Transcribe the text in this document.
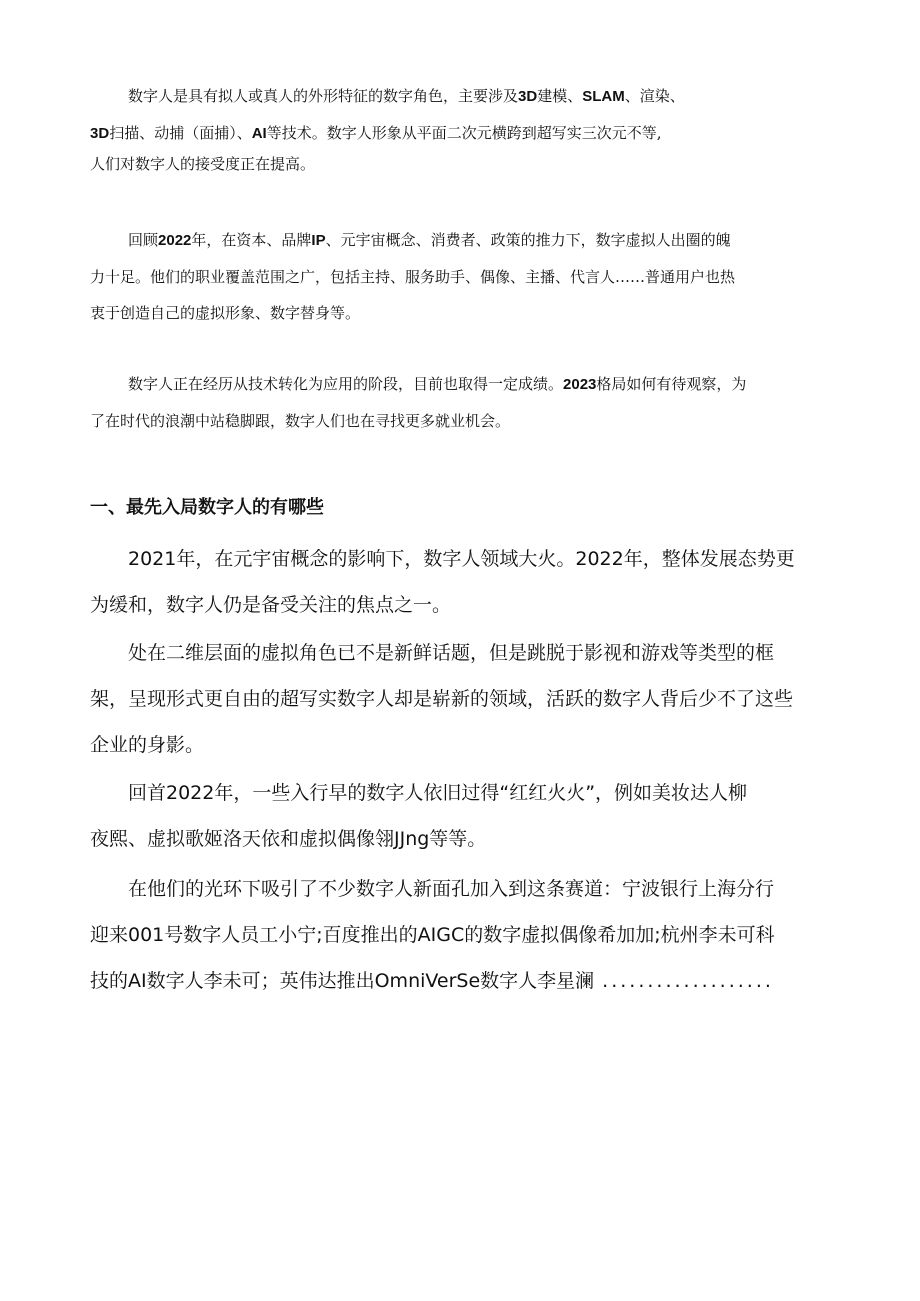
数字人是具有拟人或真人的外形特征的数字角色，主要涉及3D建模、SLAM、渲染、
3D扫描、动捕（面捕）、AI等技术。数字人形象从平面二次元横跨到超写实三次元不等,
人们对数字人的接受度正在提高。

回顾2022年，在资本、品牌IP、元宇宙概念、消费者、政策的推力下，数字虚拟人出圈的魄
力十足。他们的职业覆盖范围之广，包括主持、服务助手、偶像、主播、代言人……普通用户也热
衷于创造自己的虚拟形象、数字替身等。

数字人正在经历从技术转化为应用的阶段，目前也取得一定成绩。2023格局如何有待观察，为
了在时代的浪潮中站稳脚跟，数字人们也在寻找更多就业机会。

一、最先入局数字人的有哪些

2021年，在元宇宙概念的影响下，数字人领域大火。2022年，整体发展态势更
为缓和，数字人仍是备受关注的焦点之一。

处在二维层面的虚拟角色已不是新鲜话题，但是跳脱于影视和游戏等类型的框
架，呈现形式更自由的超写实数字人却是崭新的领域，活跃的数字人背后少不了这些
企业的身影。

回首2022年，一些入行早的数字人依旧过得“红红火火”，例如美妆达人柳
夜熙、虚拟歌姬洛天依和虚拟偶像翎JJng等等。

在他们的光环下吸引了不少数字人新面孔加入到这条赛道：宁波银行上海分行
迎来001号数字人员工小宁;百度推出的AIGC的数字虚拟偶像希加加;杭州李未可科
技的AI数字人李未可；英伟达推出OmniVerSe数字人李星澜 ...................
